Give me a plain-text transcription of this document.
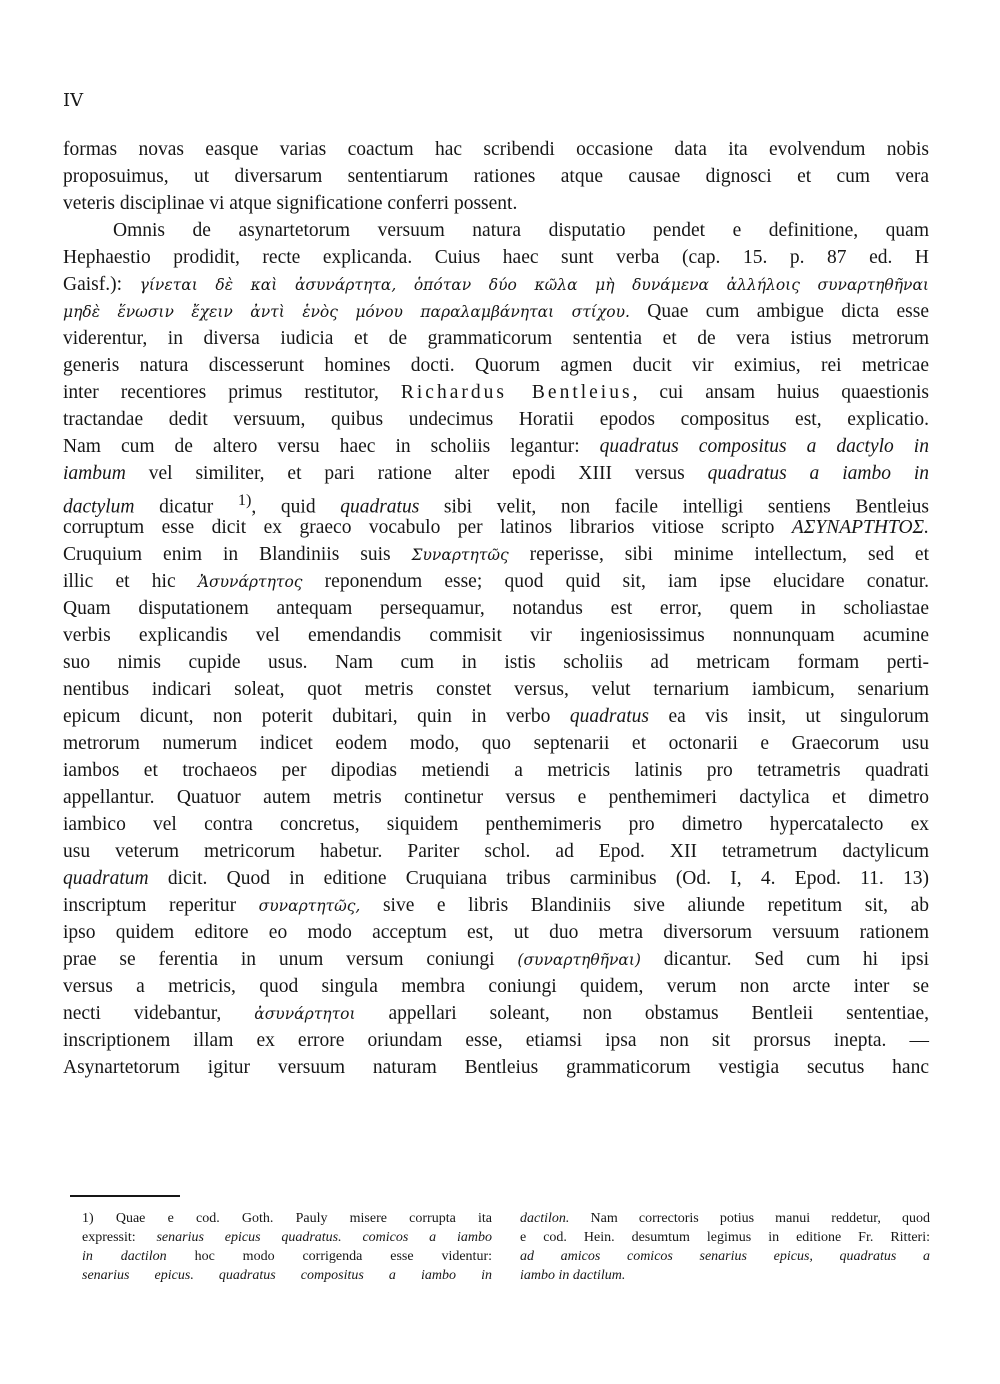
IV
formas novas easque varias coactum hac scribendi occasione data ita evolvendum nobis
proposuimus, ut diversarum sententiarum rationes atque causae dignosci et cum vera
veteris disciplinae vi atque significatione conferri possent.
Omnis de asynartetorum versuum natura disputatio pendet e definitione, quam
Hephaestio prodidit, recte explicanda. Cuius haec sunt verba (cap. 15. p. 87 ed. H
Gaisf.): γίνεται δὲ καὶ ἀσυνάρτητα, ὁπόταν δύο κῶλα μὴ δυνάμενα ἀλλήλοις συναρτηθῆναι
μηδὲ ἕνωσιν ἔχειν ἀντὶ ἑνὸς μόνου παραλαμβάνηται στίχου. Quae cum ambigue dicta esse
viderentur, in diversa iudicia et de grammaticorum sententia et de vera istius metrorum
generis natura discesserunt homines docti. Quorum agmen ducit vir eximius, rei metricae
inter recentiores primus restitutor, Richardus Bentleius, cui ansam huius quaestionis
tractandae dedit versuum, quibus undecimus Horatii epodos compositus est, explicatio.
Nam cum de altero versu haec in scholiis legantur: quadratus compositus a dactylo in
iambum vel similiter, et pari ratione alter epodi XIII versus quadratus a iambo in
dactylum dicatur $^{1)}$, quid quadratus sibi velit, non facile intelligi sentiens Bentleius
corruptum esse dicit ex graeco vocabulo per latinos librarios vitiose scripto ΑΣΥΝΑΡΤΗΤΟΣ.
Cruquium enim in Blandiniis suis Συναρτητῶς reperisse, sibi minime intellectum, sed et
illic et hic Ἀσυνάρτητος reponendum esse; quod quid sit, iam ipse elucidare conatur.
Quam disputationem antequam persequamur, notandus est error, quem in scholiastae
verbis explicandis vel emendandis commisit vir ingeniosissimus nonnunquam acumine
suo nimis cupide usus. Nam cum in istis scholiis ad metricam formam perti-
nentibus indicari soleat, quot metris constet versus, velut ternarium iambicum, senarium
epicum dicunt, non poterit dubitari, quin in verbo quadratus ea vis insit, ut singulorum
metrorum numerum indicet eodem modo, quo septenarii et octonarii e Graecorum usu
iambos et trochaeos per dipodias metiendi a metricis latinis pro tetrametris quadrati
appellantur. Quatuor autem metris continetur versus e penthemimeri dactylica et dimetro
iambico vel contra concretus, siquidem penthemimeris pro dimetro hypercatalecto ex
usu veterum metricorum habetur. Pariter schol. ad Epod. XII tetrametrum dactylicum
quadratum dicit. Quod in editione Cruquiana tribus carminibus (Od. I, 4. Epod. 11. 13)
inscriptum reperitur συναρτητῶς, sive e libris Blandiniis sive aliunde repetitum sit, ab
ipso quidem editore eo modo acceptum est, ut duo metra diversorum versuum rationem
prae se ferentia in unum versum coniungi (συναρτηθῆναι) dicantur. Sed cum hi ipsi
versus a metricis, quod singula membra coniungi quidem, verum non arcte inter se
necti videbantur, ἀσυνάρτητοι appellari soleant, non obstamus Bentleii sententiae,
inscriptionem illam ex errore oriundam esse, etiamsi ipsa non sit prorsus inepta. —
Asynartetorum igitur versuum naturam Bentleius grammaticorum vestigia secutus hanc
1) Quae e cod. Goth. Pauly misere corrupta ita
expressit: senarius epicus quadratus. comicos a iambo
in dactilon hoc modo corrigenda esse videntur:
senarius epicus. quadratus compositus a iambo in
dactilon. Nam correctoris potius manui reddetur, quod
e cod. Hein. desumtum legimus in editione Fr. Ritteri:
ad amicos comicos senarius epicus, quadratus a
iambo in dactilum.
